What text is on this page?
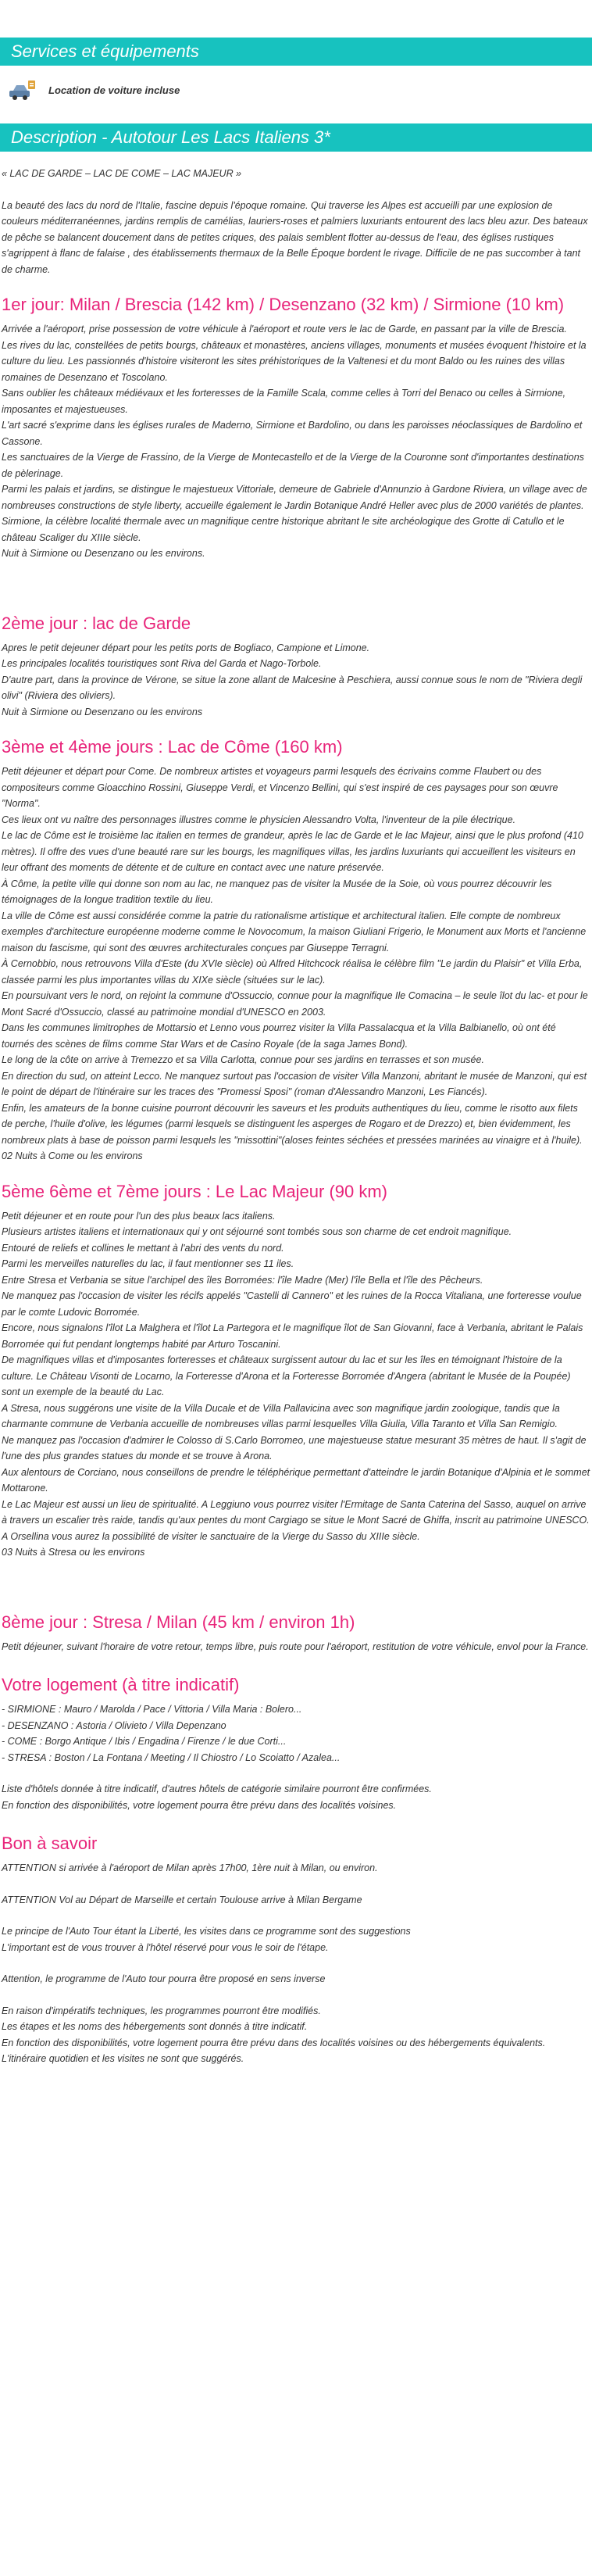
Services et équipements
Location de voiture incluse
Description - Autotour Les Lacs Italiens 3*

« LAC DE GARDE – LAC DE COME – LAC MAJEUR »

La beauté des lacs du nord de l'Italie, fascine depuis l'époque romaine. Qui traverse les Alpes est accueilli par une explosion de couleurs méditerranéennes, jardins remplis de camélias, lauriers-roses et palmiers luxuriants entourent des lacs bleu azur. Des bateaux de pêche se balancent doucement dans de petites criques, des palais semblent flotter au-dessus de l'eau, des églises rustiques s'agrippent à flanc de falaise , des établissements thermaux de la Belle Époque bordent le rivage. Difficile de ne pas succomber à tant de charme.
1er jour: Milan / Brescia (142 km) / Desenzano (32 km) / Sirmione (10 km)
Arrivée a l'aéroport, prise possession de votre véhicule à l'aéroport et route vers le lac de Garde, en passant par la ville de Brescia.
Les rives du lac, constellées de petits bourgs, châteaux et monastères, anciens villages, monuments et musées évoquent l'histoire et la culture du lieu. Les passionnés d'histoire visiteront les sites préhistoriques de la Valtenesi et du mont Baldo ou les ruines des villas romaines de Desenzano et Toscolano.
Sans oublier les châteaux médiévaux et les forteresses de la Famille Scala, comme celles à Torri del Benaco ou celles à Sirmione, imposantes et majestueuses.
L'art sacré s'exprime dans les églises rurales de Maderno, Sirmione et Bardolino, ou dans les paroisses néoclassiques de Bardolino et Cassone.
Les sanctuaires de la Vierge de Frassino, de la Vierge de Montecastello et de la Vierge de la Couronne sont d'importantes destinations de pèlerinage.
Parmi les palais et jardins, se distingue le majestueux Vittoriale, demeure de Gabriele d'Annunzio à Gardone Riviera, un village avec de nombreuses constructions de style liberty, accueille également le Jardin Botanique André Heller avec plus de 2000 variétés de plantes.
Sirmione, la célèbre localité thermale avec un magnifique centre historique abritant le site archéologique des Grotte di Catullo et le château Scaliger du XIIIe siècle.
Nuit à Sirmione ou Desenzano ou les environs.
2ème jour : lac de Garde
Apres le petit dejeuner départ pour les petits ports de Bogliaco, Campione et Limone.
Les principales localités touristiques sont Riva del Garda et Nago-Torbole.
D'autre part, dans la province de Vérone, se situe la zone allant de Malcesine à Peschiera, aussi connue sous le nom de "Riviera degli olivi" (Riviera des oliviers).
Nuit à Sirmione ou Desenzano ou les environs
3ème et 4ème jours : Lac de Côme (160 km)
Petit déjeuner et départ pour Come. De nombreux artistes et voyageurs parmi lesquels des écrivains comme Flaubert ou des compositeurs comme Gioacchino Rossini, Giuseppe Verdi, et Vincenzo Bellini, qui s'est inspiré de ces paysages pour son œuvre "Norma".
Ces lieux ont vu naître des personnages illustres comme le physicien Alessandro Volta, l'inventeur de la pile électrique.
Le lac de Côme est le troisième lac italien en termes de grandeur, après le lac de Garde et le lac Majeur, ainsi que le plus profond (410 mètres). Il offre des vues d'une beauté rare sur les bourgs, les magnifiques villas, les jardins luxuriants qui accueillent les visiteurs en leur offrant des moments de détente et de culture en contact avec une nature préservée.
À Côme, la petite ville qui donne son nom au lac, ne manquez pas de visiter la Musée de la Soie, où vous pourrez découvrir les témoignages de la longue tradition textile du lieu.
La ville de Côme est aussi considérée comme la patrie du rationalisme artistique et architectural italien. Elle compte de nombreux exemples d'architecture européenne moderne comme le Novocomum, la maison Giuliani Frigerio, le Monument aux Morts et l'ancienne maison du fascisme, qui sont des œuvres architecturales conçues par Giuseppe Terragni.
À Cernobbio, nous retrouvons Villa d'Este (du XVIe siècle) où Alfred Hitchcock réalisa le célèbre film "Le jardin du Plaisir" et Villa Erba, classée parmi les plus importantes villas du XIXe siècle (situées sur le lac).
En poursuivant vers le nord, on rejoint la commune d'Ossuccio, connue pour la magnifique Ile Comacina – le seule îlot du lac- et pour le Mont Sacré d'Ossuccio, classé au patrimoine mondial d'UNESCO en 2003.
Dans les communes limitrophes de Mottarsio et Lenno vous pourrez visiter la Villa Passalacqua et la Villa Balbianello, où ont été tournés des scènes de films comme Star Wars et de Casino Royale (de la saga James Bond).
Le long de la côte on arrive à Tremezzo et sa Villa Carlotta, connue pour ses jardins en terrasses et son musée.
En direction du sud, on atteint Lecco. Ne manquez surtout pas l'occasion de visiter Villa Manzoni, abritant le musée de Manzoni, qui est le point de départ de l'itinéraire sur les traces des "Promessi Sposi" (roman d'Alessandro Manzoni, Les Fiancés).
Enfin, les amateurs de la bonne cuisine pourront découvrir les saveurs et les produits authentiques du lieu, comme le risotto aux filets de perche, l'huile d'olive, les légumes (parmi lesquels se distinguent les asperges de Rogaro et de Drezzo) et, bien évidemment, les nombreux plats à base de poisson parmi lesquels les "missottini"(aloses feintes séchées et pressées marinées au vinaigre et à l'huile).
02 Nuits à Come ou les environs
5ème 6ème et 7ème jours : Le Lac Majeur (90 km)
Petit déjeuner et en route pour l'un des plus beaux lacs italiens.
Plusieurs artistes italiens et internationaux qui y ont séjourné sont tombés sous son charme de cet endroit magnifique.
Entouré de reliefs et collines le mettant à l'abri des vents du nord.
Parmi les merveilles naturelles du lac, il faut mentionner ses 11 iles.
Entre Stresa et Verbania se situe l'archipel des îles Borromées: l'île Madre (Mer) l'île Bella et l'île des Pêcheurs.
Ne manquez pas l'occasion de visiter les récifs appelés "Castelli di Cannero" et les ruines de la Rocca Vitaliana, une forteresse voulue par le comte Ludovic Borromée.
Encore, nous signalons l'îlot La Malghera et l'îlot La Partegora et le magnifique îlot de San Giovanni, face à Verbania, abritant le Palais Borromée qui fut pendant longtemps habité par Arturo Toscanini.
De magnifiques villas et d'imposantes forteresses et châteaux surgissent autour du lac et sur les îles en témoignant l'histoire de la culture. Le Château Visonti de Locarno, la Forteresse d'Arona et la Forteresse Borromée d'Angera (abritant le Musée de la Poupée) sont un exemple de la beauté du Lac.
A Stresa, nous suggérons une visite de la Villa Ducale et de Villa Pallavicina avec son magnifique jardin zoologique, tandis que la charmante commune de Verbania accueille de nombreuses villas parmi lesquelles Villa Giulia, Villa Taranto et Villa San Remigio.
Ne manquez pas l'occasion d'admirer le Colosso di S.Carlo Borromeo, une majestueuse statue mesurant 35 mètres de haut. Il s'agit de l'une des plus grandes statues du monde et se trouve à Arona.
Aux alentours de Corciano, nous conseillons de prendre le téléphérique permettant d'atteindre le jardin Botanique d'Alpinia et le sommet Mottarone.
Le Lac Majeur est aussi un lieu de spiritualité. A Leggiuno vous pourrez visiter l'Ermitage de Santa Caterina del Sasso, auquel on arrive à travers un escalier très raide, tandis qu'aux pentes du mont Cargiago se situe le Mont Sacré de Ghiffa, inscrit au patrimoine UNESCO.
A Orsellina vous aurez la possibilité de visiter le sanctuaire de la Vierge du Sasso du XIIIe siècle.
03 Nuits à Stresa ou les environs
8ème jour : Stresa / Milan (45 km / environ 1h)
Petit déjeuner, suivant l'horaire de votre retour, temps libre, puis route pour l'aéroport, restitution de votre véhicule, envol pour la France.
Votre logement (à titre indicatif)
- SIRMIONE : Mauro / Marolda / Pace / Vittoria / Villa Maria : Bolero...
- DESENZANO : Astoria / Olivieto / Villa Depenzano
- COME : Borgo Antique / Ibis / Engadina / Firenze / le due Corti...
- STRESA : Boston / La Fontana / Meeting / Il Chiostro / Lo Scoiatto / Azalea...
Liste d'hôtels donnée à titre indicatif, d'autres hôtels de catégorie similaire pourront être confirmées.
En fonction des disponibilités, votre logement pourra être prévu dans des localités voisines.
Bon à savoir
ATTENTION si arrivée à l'aéroport de Milan après 17h00, 1ère nuit à Milan, ou environ.
ATTENTION Vol au Départ de Marseille et certain Toulouse arrive à Milan Bergame
Le principe de l'Auto Tour étant la Liberté, les visites dans ce programme sont des suggestions
L'important est de vous trouver à l'hôtel réservé pour vous le soir de l'étape.
Attention, le programme de l'Auto tour pourra être proposé en sens inverse
En raison d'impératifs techniques, les programmes pourront être modifiés.
Les étapes et les noms des hébergements sont donnés à titre indicatif.
En fonction des disponibilités, votre logement pourra être prévu dans des localités voisines ou des hébergements équivalents.
L'itinéraire quotidien et les visites ne sont que suggérés.
